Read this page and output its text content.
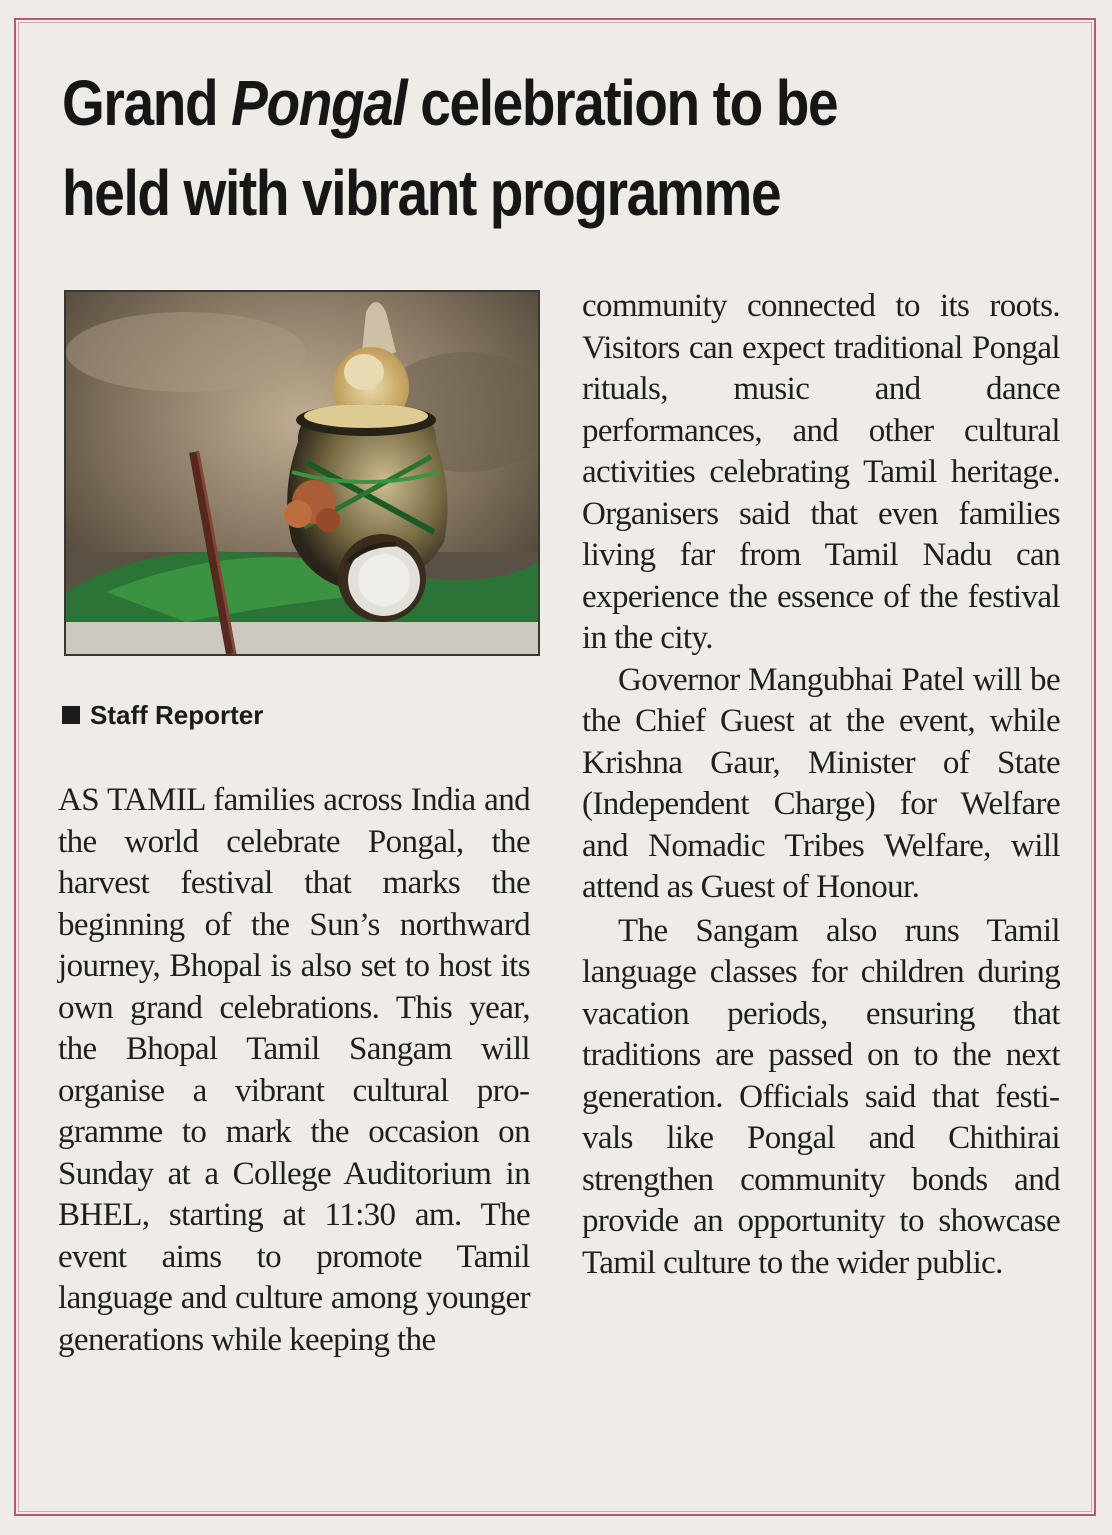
Grand Pongal celebration to be
held with vibrant programme
Staff Reporter

AS TAMIL families across India and the world celebrate Pongal, the harvest festival that marks the beginning of the Sun’s northward journey, Bhopal is also set to host its own grand celebrations. This year, the Bhopal Tamil Sangam will organise a vibrant cultural programme to mark the occasion on Sunday at a College Auditorium in BHEL, starting at 11:30 am. The event aims to promote Tamil language and culture among younger generations while keeping the

community connected to its roots. Visitors can expect traditional Pongal rituals, music and dance performances, and other cultural activities celebrating Tamil heritage. Organisers said that even families living far from Tamil Nadu can experience the essence of the festival in the city.

Governor Mangubhai Patel will be the Chief Guest at the event, while Krishna Gaur, Minister of State (Independent Charge) for Welfare and Nomadic Tribes Welfare, will attend as Guest of Honour.

The Sangam also runs Tamil language classes for children during vacation periods, ensuring that traditions are passed on to the next generation. Officials said that festivals like Pongal and Chithirai strengthen community bonds and provide an opportunity to showcase Tamil culture to the wider public.
